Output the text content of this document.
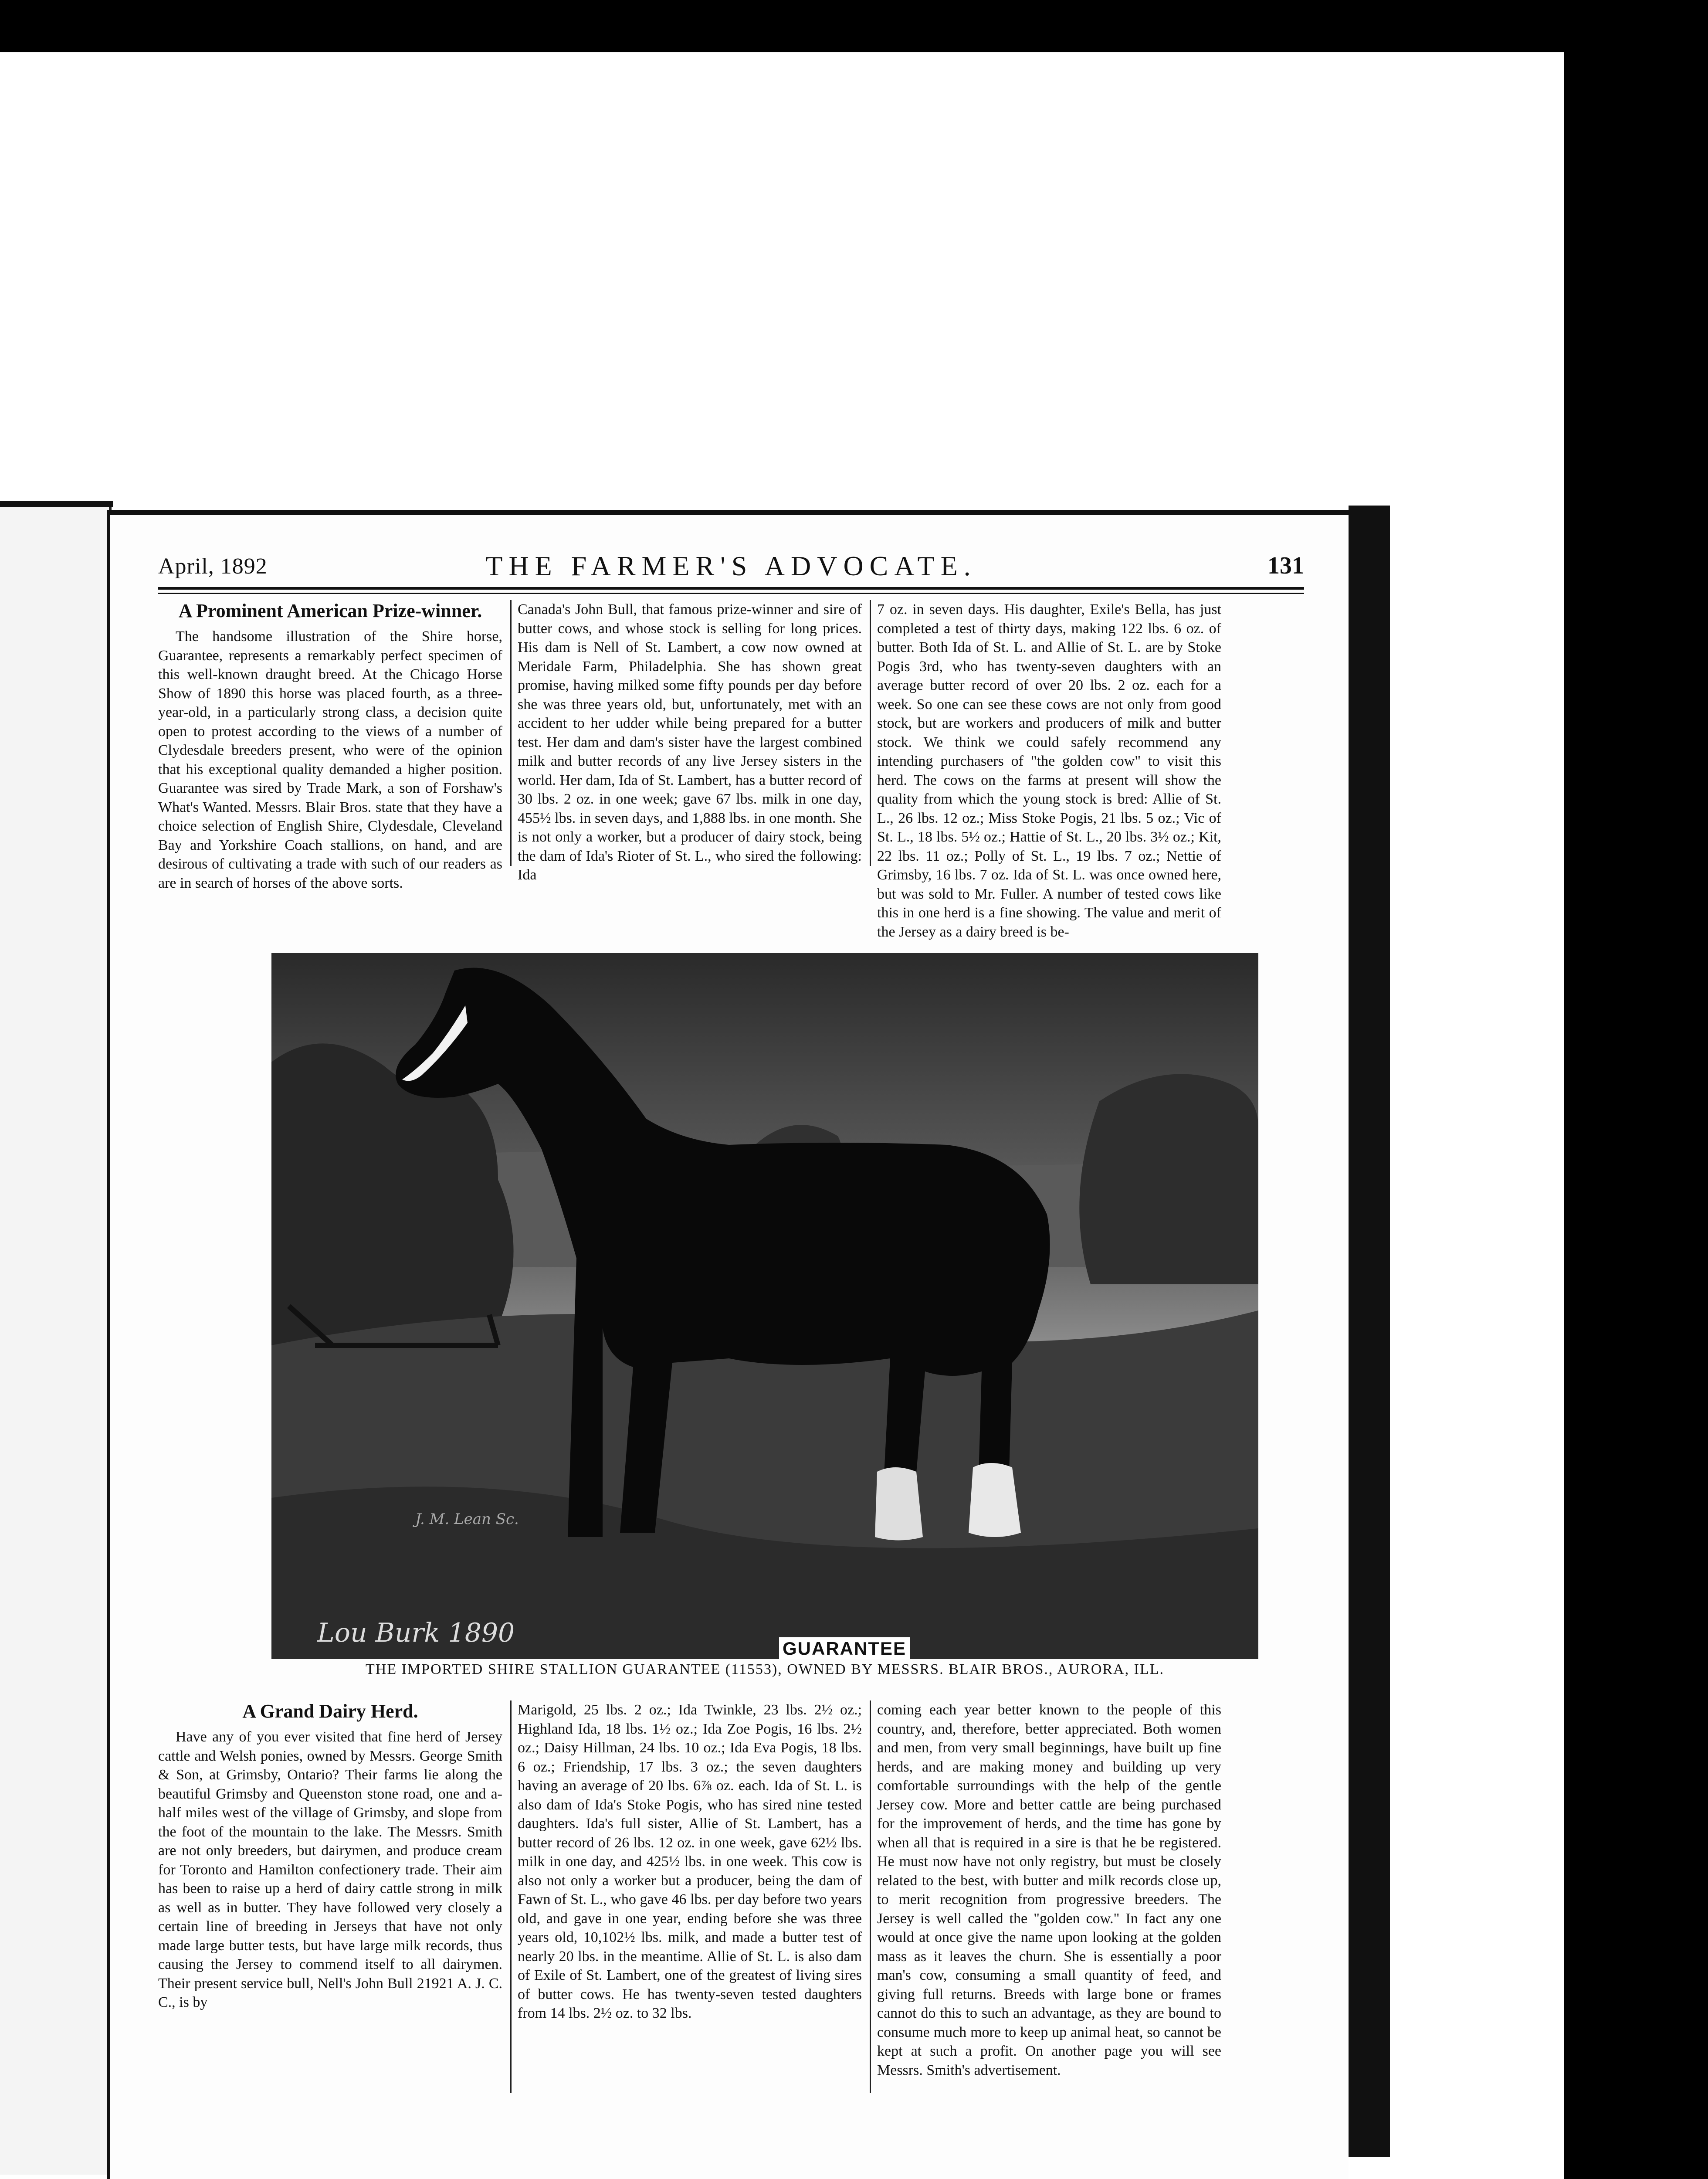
April, 1892	THE FARMER'S ADVOCATE.	131
A Prominent American Prize-winner.

The handsome illustration of the Shire horse, Guarantee, represents a remarkably perfect specimen of this well-known draught breed. At the Chicago Horse Show of 1890 this horse was placed fourth, as a three-year-old, in a particularly strong class, a decision quite open to protest according to the views of a number of Clydesdale breeders present, who were of the opinion that his exceptional quality demanded a higher position. Guarantee was sired by Trade Mark, a son of Forshaw's What's Wanted. Messrs. Blair Bros. state that they have a choice selection of English Shire, Clydesdale, Cleveland Bay and Yorkshire Coach stallions, on hand, and are desirous of cultivating a trade with such of our readers as are in search of horses of the above sorts.

Canada's John Bull, that famous prize-winner and sire of butter cows, and whose stock is selling for long prices. His dam is Nell of St. Lambert, a cow now owned at Meridale Farm, Philadelphia. She has shown great promise, having milked some fifty pounds per day before she was three years old, but, unfortunately, met with an accident to her udder while being prepared for a butter test. Her dam and dam's sister have the largest combined milk and butter records of any live Jersey sisters in the world. Her dam, Ida of St. Lambert, has a butter record of 30 lbs. 2 oz. in one week; gave 67 lbs. milk in one day, 455½ lbs. in seven days, and 1,888 lbs. in one month. She is not only a worker, but a producer of dairy stock, being the dam of Ida's Rioter of St. L., who sired the following: Ida

7 oz. in seven days. His daughter, Exile's Bella, has just completed a test of thirty days, making 122 lbs. 6 oz. of butter. Both Ida of St. L. and Allie of St. L. are by Stoke Pogis 3rd, who has twenty-seven daughters with an average butter record of over 20 lbs. 2 oz. each for a week. So one can see these cows are not only from good stock, but are workers and producers of milk and butter stock. We think we could safely recommend any intending purchasers of "the golden cow" to visit this herd. The cows on the farms at present will show the quality from which the young stock is bred: Allie of St. L., 26 lbs. 12 oz.; Miss Stoke Pogis, 21 lbs. 5 oz.; Vic of St. L., 18 lbs. 5½ oz.; Hattie of St. L., 20 lbs. 3½ oz.; Kit, 22 lbs. 11 oz.; Polly of St. L., 19 lbs. 7 oz.; Nettie of Grimsby, 16 lbs. 7 oz. Ida of St. L. was once owned here, but was sold to Mr. Fuller. A number of tested cows like this in one herd is a fine showing. The value and merit of the Jersey as a dairy breed is be-

Lou Burk 1890
J. M. Lean Sc.
GUARANTEE
THE IMPORTED SHIRE STALLION GUARANTEE (11553), OWNED BY MESSRS. BLAIR BROS., AURORA, ILL.
A Grand Dairy Herd.

Have any of you ever visited that fine herd of Jersey cattle and Welsh ponies, owned by Messrs. George Smith & Son, at Grimsby, Ontario? Their farms lie along the beautiful Grimsby and Queenston stone road, one and a-half miles west of the village of Grimsby, and slope from the foot of the mountain to the lake. The Messrs. Smith are not only breeders, but dairymen, and produce cream for Toronto and Hamilton confectionery trade. Their aim has been to raise up a herd of dairy cattle strong in milk as well as in butter. They have followed very closely a certain line of breeding in Jerseys that have not only made large butter tests, but have large milk records, thus causing the Jersey to commend itself to all dairymen. Their present service bull, Nell's John Bull 21921 A. J. C. C., is by

Marigold, 25 lbs. 2 oz.; Ida Twinkle, 23 lbs. 2½ oz.; Highland Ida, 18 lbs. 1½ oz.; Ida Zoe Pogis, 16 lbs. 2½ oz.; Daisy Hillman, 24 lbs. 10 oz.; Ida Eva Pogis, 18 lbs. 6 oz.; Friendship, 17 lbs. 3 oz.; the seven daughters having an average of 20 lbs. 6⅞ oz. each. Ida of St. L. is also dam of Ida's Stoke Pogis, who has sired nine tested daughters. Ida's full sister, Allie of St. Lambert, has a butter record of 26 lbs. 12 oz. in one week, gave 62½ lbs. milk in one day, and 425½ lbs. in one week. This cow is also not only a worker but a producer, being the dam of Fawn of St. L., who gave 46 lbs. per day before two years old, and gave in one year, ending before she was three years old, 10,102½ lbs. milk, and made a butter test of nearly 20 lbs. in the meantime. Allie of St. L. is also dam of Exile of St. Lambert, one of the greatest of living sires of butter cows. He has twenty-seven tested daughters from 14 lbs. 2½ oz. to 32 lbs.

coming each year better known to the people of this country, and, therefore, better appreciated. Both women and men, from very small beginnings, have built up fine herds, and are making money and building up very comfortable surroundings with the help of the gentle Jersey cow. More and better cattle are being purchased for the improvement of herds, and the time has gone by when all that is required in a sire is that he be registered. He must now have not only registry, but must be closely related to the best, with butter and milk records close up, to merit recognition from progressive breeders. The Jersey is well called the "golden cow." In fact any one would at once give the name upon looking at the golden mass as it leaves the churn. She is essentially a poor man's cow, consuming a small quantity of feed, and giving full returns. Breeds with large bone or frames cannot do this to such an advantage, as they are bound to consume much more to keep up animal heat, so cannot be kept at such a profit. On another page you will see Messrs. Smith's advertisement.
